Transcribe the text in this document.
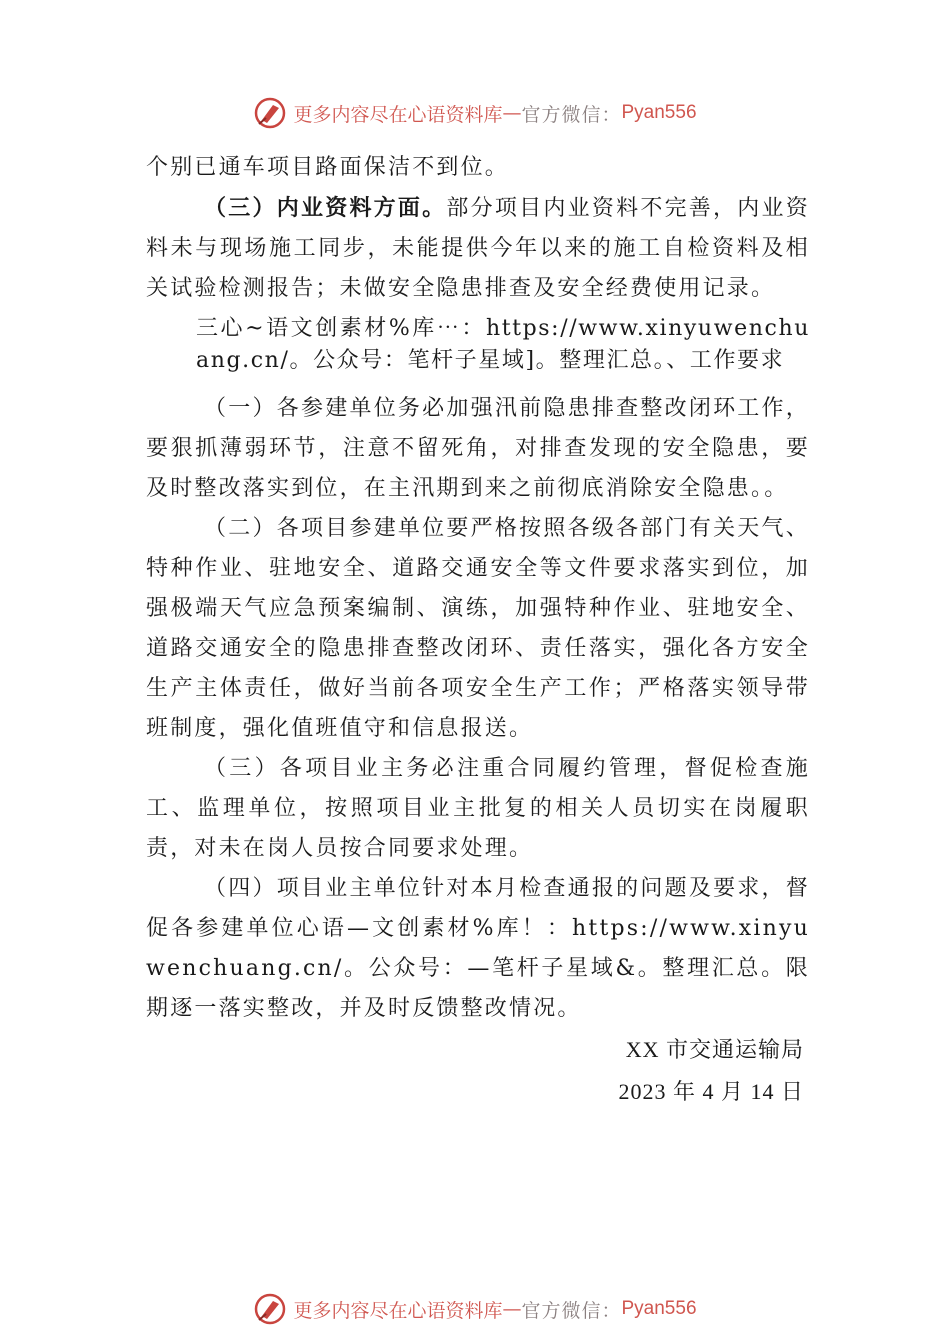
更多内容尽在心语资料库 — 官方微信： Pyan556

个别已通车项目路面保洁不到位。

（三）内业资料方面。部分项目内业资料不完善，内业资料未与现场施工同步，未能提供今年以来的施工自检资料及相关试验检测报告；未做安全隐患排查及安全经费使用记录。

三心~语文创素材%库⋯：https://www.xinyuwenchuang.cn/。公众号：笔杆子星域]。整理汇总。、工作要求

（一）各参建单位务必加强汛前隐患排查整改闭环工作，要狠抓薄弱环节，注意不留死角，对排查发现的安全隐患，要及时整改落实到位，在主汛期到来之前彻底消除安全隐患。。

（二）各项目参建单位要严格按照各级各部门有关天气、特种作业、驻地安全、道路交通安全等文件要求落实到位，加强极端天气应急预案编制、演练，加强特种作业、驻地安全、道路交通安全的隐患排查整改闭环、责任落实，强化各方安全生产主体责任，做好当前各项安全生产工作；严格落实领导带班制度，强化值班值守和信息报送。

（三）各项目业主务必注重合同履约管理，督促检查施工、监理单位，按照项目业主批复的相关人员切实在岗履职责，对未在岗人员按合同要求处理。

（四）项目业主单位针对本月检查通报的问题及要求，督促各参建单位心语—文创素材%库！：https://www.xinyuwenchuang.cn/。公众号：—笔杆子星域&。整理汇总。限期逐一落实整改，并及时反馈整改情况。

XX 市交通运输局

2023 年 4 月 14 日

更多内容尽在心语资料库 — 官方微信： Pyan556
